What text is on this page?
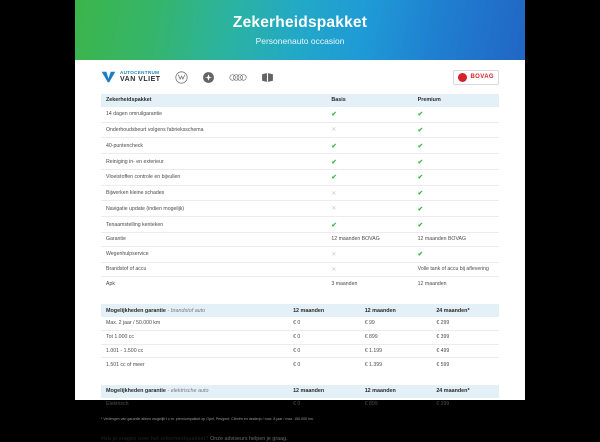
Zekerheidspakket
Personenauto occasion
AUTOCENTRUM
VAN VLIET	BOVAG
Zekerheidspakket	Basis	Premium
14 dagen omruilgarantie	✔	✔
Onderhoudsbeurt volgens fabrieksschema	✕	✔
40-puntencheck	✔	✔
Reiniging in- en exterieur	✔	✔
Vloeistoffen controle en bijvullen	✔	✔
Bijwerken kleine schades	✕	✔
Navigatie update (indien mogelijk)	✕	✔
Tenaamstelling kenteken	✔	✔
Garantie	12 maanden BOVAG	12 maanden BOVAG
Wegenhulpservice	✕	✔
Brandstof of accu	✕	Volle tank of accu bij aflevering
Apk	3 maanden	12 maanden
Mogelijkheden garantie - brandstof auto	12 maanden	12 maanden	24 maanden*
Max. 2 jaar / 50.000 km	€ 0	€ 99	€ 299
Tot 1.000 cc	€ 0	€ 899	€ 399
1.001 - 1.500 cc	€ 0	€ 1.199	€ 499
1.501 cc of meer	€ 0	€ 1.399	€ 599
Mogelijkheden garantie - elektrische auto	12 maanden	12 maanden	24 maanden*
Elektrisch	€ 0	€ 899	€ 399
* Verlengen van garantie alleen mogelijk i.c.m. premiumpakket op Opel, Peugeot, Citroën en dealerjo / max. 8 jaar / max. 150.000 km.
Heb je vragen over het zekerheidspakket? Onze adviseurs helpen je graag.
